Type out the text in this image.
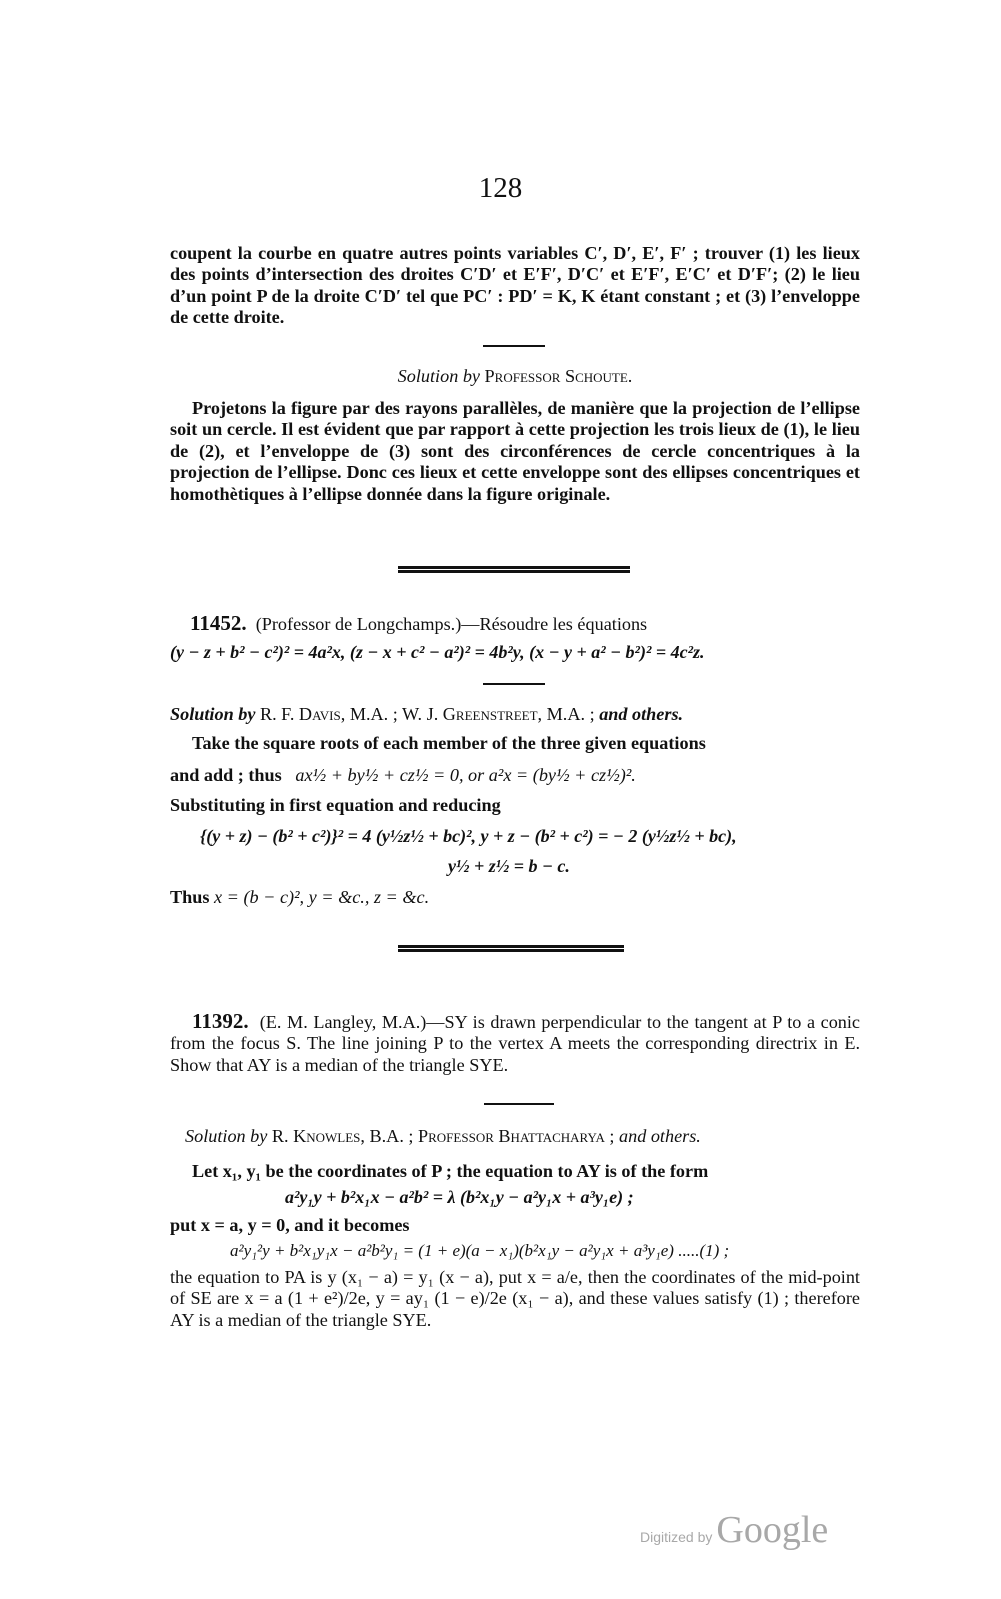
128
coupent la courbe en quatre autres points variables C′, D′, E′, F′ ; trouver (1) les lieux des points d’intersection des droites C′D′ et E′F′, D′C′ et E′F′, E′C′ et D′F′; (2) le lieu d’un point P de la droite C′D′ tel que PC′ : PD′ = K, K étant constant ; et (3) l’enveloppe de cette droite.
Solution by Professor Schoute.
Projetons la figure par des rayons parallèles, de manière que la projection de l’ellipse soit un cercle. Il est évident que par rapport à cette projection les trois lieux de (1), le lieu de (2), et l’enveloppe de (3) sont des circonférences de cercle concentriques à la projection de l’ellipse. Donc ces lieux et cette enveloppe sont des ellipses concentriques et homothètiques à l’ellipse donnée dans la figure originale.
11452. (Professor de Longchamps.)—Résoudre les équations
(y − z + b² − c²)² = 4a²x, (z − x + c² − a²)² = 4b²y, (x − y + a² − b²)² = 4c²z.
Solution by R. F. Davis, M.A. ; W. J. Greenstreet, M.A. ; and others.
Take the square roots of each member of the three given equations
and add ; thus ax½ + by½ + cz½ = 0, or a²x = (by½ + cz½)².
Substituting in first equation and reducing
{(y + z) − (b² + c²)}² = 4 (y½z½ + bc)², y + z − (b² + c²) = − 2 (y½z½ + bc),
y½ + z½ = b − c.
Thus x = (b − c)², y = &c., z = &c.
11392. (E. M. Langley, M.A.)—SY is drawn perpendicular to the tangent at P to a conic from the focus S. The line joining P to the vertex A meets the corresponding directrix in E. Show that AY is a median of the triangle SYE.
Solution by R. Knowles, B.A. ; Professor Bhattacharya ; and others.
Let x₁, y₁ be the coordinates of P ; the equation to AY is of the form
a²y₁y + b²x₁x − a²b² = λ (b²x₁y − a²y₁x + a³y₁e) ;
put x = a, y = 0, and it becomes
a²y₁²y + b²x₁y₁x − a²b²y₁ = (1 + e)(a − x₁)(b²x₁y − a²y₁x + a³y₁e) .....(1) ;
the equation to PA is y (x₁ − a) = y₁ (x − a), put x = a/e, then the coordinates of the mid-point of SE are x = a (1 + e²)/2e, y = ay₁ (1 − e)/2e (x₁ − a), and these values satisfy (1) ; therefore AY is a median of the triangle SYE.
Digitized by Google
